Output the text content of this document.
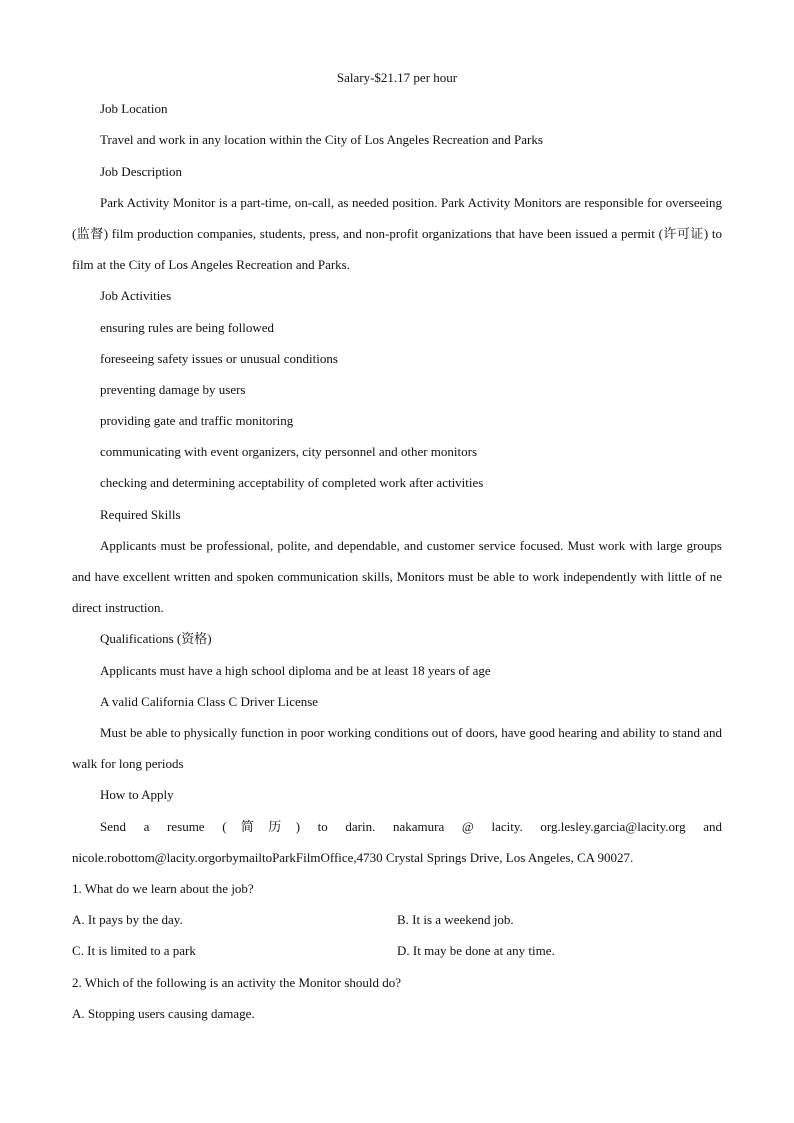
Salary-$21.17 per hour
Job Location
Travel and work in any location within the City of Los Angeles Recreation and Parks
Job Description
Park Activity Monitor is a part-time, on-call, as needed position. Park Activity Monitors are responsible for overseeing (监督) film production companies, students, press, and non-profit organizations that have been issued a permit (许可证) to film at the City of Los Angeles Recreation and Parks.
Job Activities
ensuring rules are being followed
foreseeing safety issues or unusual conditions
preventing damage by users
providing gate and traffic monitoring
communicating with event organizers, city personnel and other monitors
checking and determining acceptability of completed work after activities
Required Skills
Applicants must be professional, polite, and dependable, and customer service focused. Must work with large groups and have excellent written and spoken communication skills, Monitors must be able to work independently with little of ne direct instruction.
Qualifications (资格)
Applicants must have a high school diploma and be at least 18 years of age
A valid California Class C Driver License
Must be able to physically function in poor working conditions out of doors, have good hearing and ability to stand and walk for long periods
How to Apply
Send a resume (简历) to darin. nakamura @ lacity. org.lesley.garcia@lacity.org and nicole.robottom@lacity.orgorbymailtoParkFilmOffice,4730 Crystal Springs Drive, Los Angeles, CA 90027.
1. What do we learn about the job?
A. It pays by the day.	B. It is a weekend job.
C. It is limited to a park	D. It may be done at any time.
2. Which of the following is an activity the Monitor should do?
A. Stopping users causing damage.
